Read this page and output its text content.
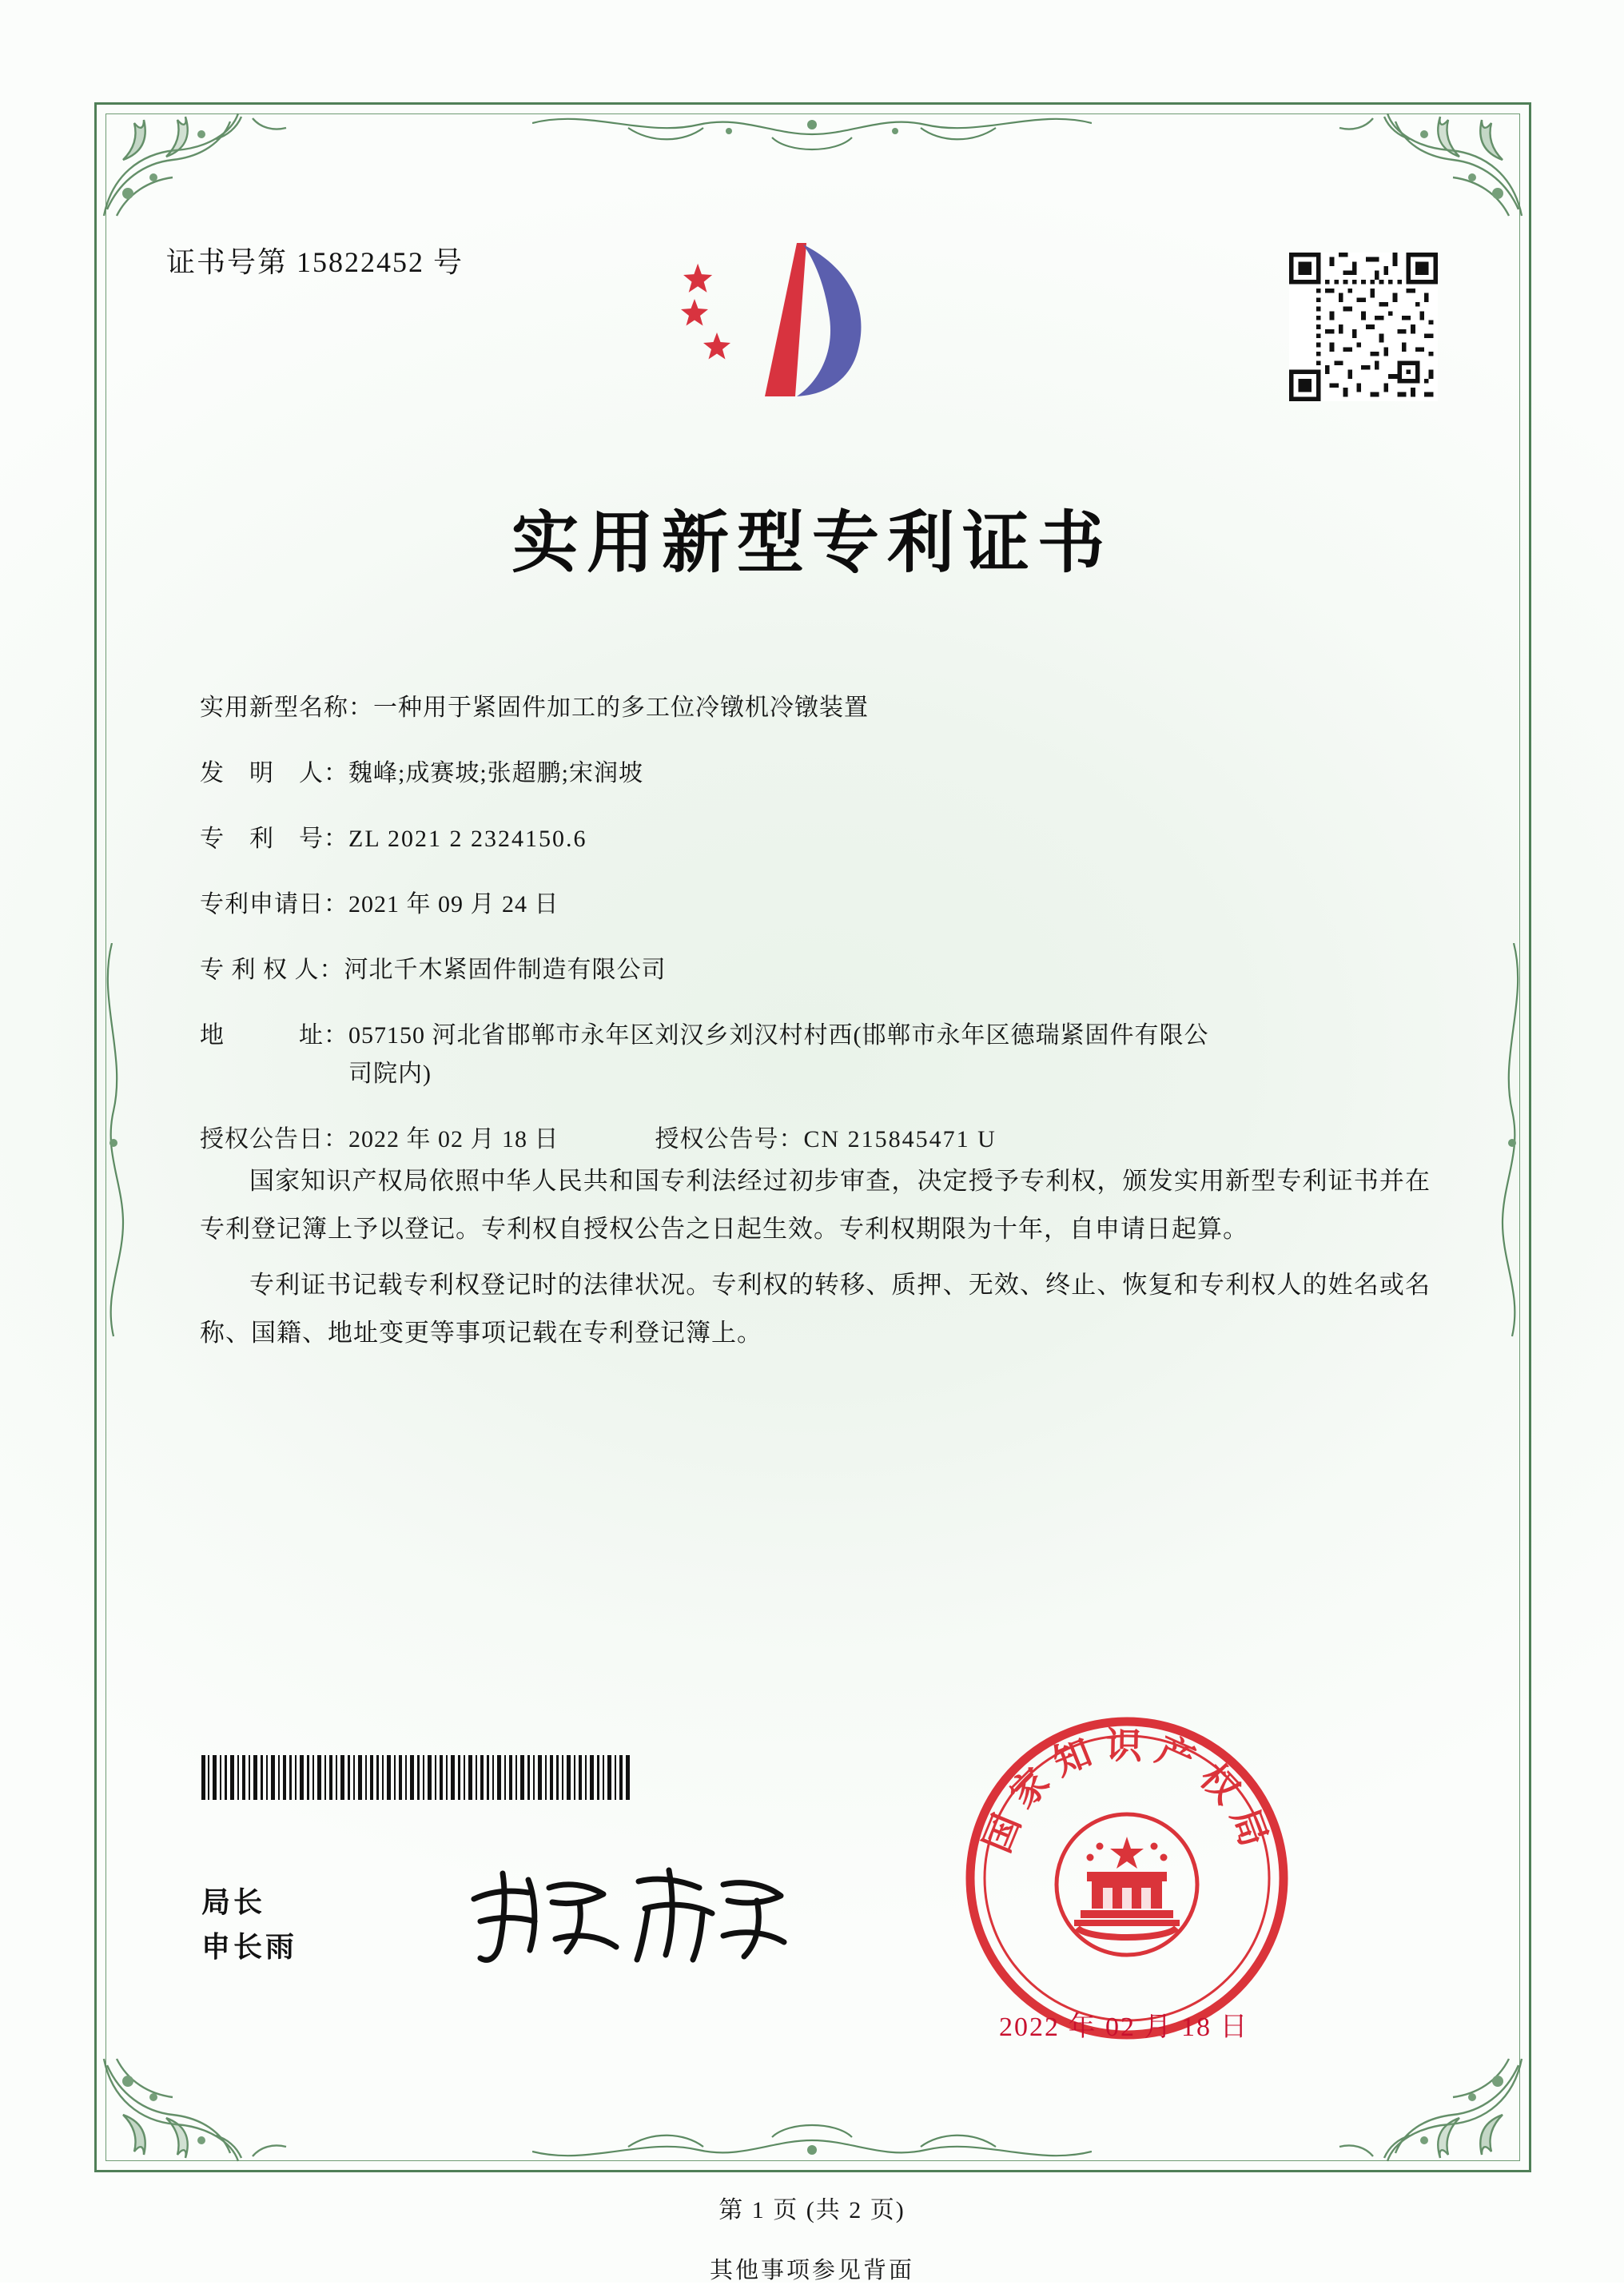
证书号第 15822452 号
实用新型专利证书
实用新型名称： 一种用于紧固件加工的多工位冷镦机冷镦装置
发　明　人： 魏峰;成赛坡;张超鹏;宋润坡
专　利　号： ZL 2021 2 2324150.6
专利申请日： 2021 年 09 月 24 日
专 利 权 人： 河北千木紧固件制造有限公司
地　　　址： 057150 河北省邯郸市永年区刘汉乡刘汉村村西(邯郸市永年区德瑞紧固件有限公司院内)
授权公告日：2022 年 02 月 18 日	授权公告号：CN 215845471 U

国家知识产权局依照中华人民共和国专利法经过初步审查，决定授予专利权，颁发实用新型专利证书并在专利登记簿上予以登记。专利权自授权公告之日起生效。专利权期限为十年，自申请日起算。

专利证书记载专利权登记时的法律状况。专利权的转移、质押、无效、终止、恢复和专利权人的姓名或名称、国籍、地址变更等事项记载在专利登记簿上。

局长
申长雨
国家知识产权局
2022 年 02 月 18 日
第 1 页 (共 2 页)
其他事项参见背面
